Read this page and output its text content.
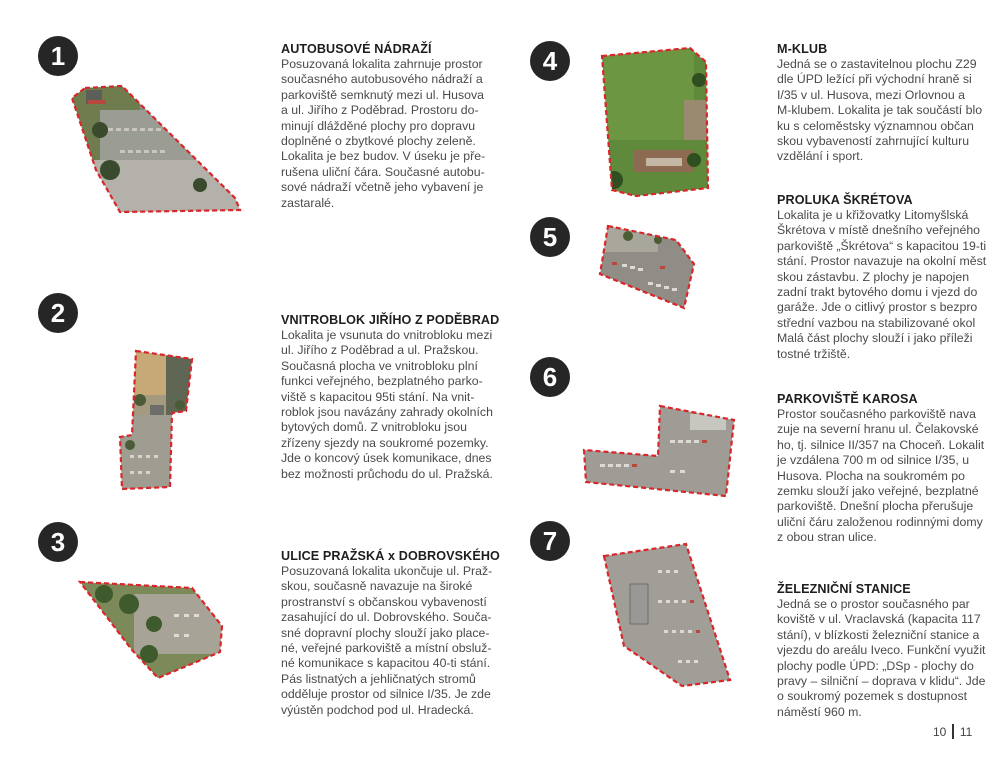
1	AUTOBUSOVÉ NÁDRAŽÍ

Posuzovaná lokalita zahrnuje prostor
současného autobusového nádraží a
parkoviště semknutý mezi ul. Husova
a ul. Jiřího z Poděbrad. Prostoru do-
minují dlážděné plochy pro dopravu
doplněné o zbytkové plochy zeleně.
Lokalita je bez budov. V úseku je pře-
rušena uliční čára. Současné autobu-
sové nádraží včetně jeho vybavení je
zastaralé.

2	VNITROBLOK JIŘÍHO Z PODĚBRAD

Lokalita je vsunuta do vnitrobloku mezi
ul. Jiřího z Poděbrad a ul. Pražskou.
Současná plocha ve vnitrobloku plní
funkci veřejného, bezplatného parko-
viště s kapacitou 95ti stání. Na vnit-
roblok jsou navázány zahrady okolních
bytových domů. Z vnitrobloku jsou
zřízeny sjezdy na soukromé pozemky.
Jde o koncový úsek komunikace, dnes
bez možnosti průchodu do ul. Pražská.

3	ULICE PRAŽSKÁ x DOBROVSKÉHO

Posuzovaná lokalita ukončuje ul. Praž-
skou, současně navazuje na široké
prostranství s občanskou vybaveností
zasahující do ul. Dobrovského. Souča-
sné dopravní plochy slouží jako place-
né, veřejné parkoviště a místní obsluž-
né komunikace s kapacitou 40-ti stání.
Pás listnatých a jehličnatých stromů
odděluje prostor od silnice I/35. Je zde
výústěn podchod pod ul. Hradecká.

4	M-KLUB

Jedná se o zastavitelnou plochu Z29
dle ÚPD ležící při východní hraně si
I/35 v ul. Husova, mezi Orlovnou a
M-klubem. Lokalita je tak součástí blo
ku s celoměstsky významnou občan
skou vybaveností zahrnující kulturu
vzdělání i sport.

5
PROLUKA ŠKRÉTOVA

Lokalita je u křižovatky Litomyšlská
Škrétova v místě dnešního veřejného
parkoviště „Škrétova“ s kapacitou 19-ti
stání. Prostor navazuje na okolní měst
skou zástavbu. Z plochy je napojen
zadní trakt bytového domu i vjezd do
garáže. Jde o citlivý prostor s bezpro
střední vazbou na stabilizované okol
Malá část plochy slouží i jako příleži
tostné tržiště.

6
PARKOVIŠTĚ KAROSA

Prostor současného parkoviště nava
zuje na severní hranu ul. Čelakovské
ho, tj. silnice II/357 na Choceň. Lokalit
je vzdálena 700 m od silnice I/35, u
Husova. Plocha na soukromém po
zemku slouží jako veřejné, bezplatné
parkoviště. Dnešní plocha přerušuje
uliční čáru založenou rodinnými domy
z obou stran ulice.

7
ŽELEZNIČNÍ STANICE

Jedná se o prostor současného par
koviště v ul. Vraclavská (kapacita 117
stání), v blízkosti železniční stanice a
vjezdu do areálu Iveco. Funkční využit
plochy podle ÚPD: „DSp - plochy do
pravy – silniční – doprava v klidu“. Jde
o soukromý pozemek s dostupnost
náměstí 960 m.

10 11
